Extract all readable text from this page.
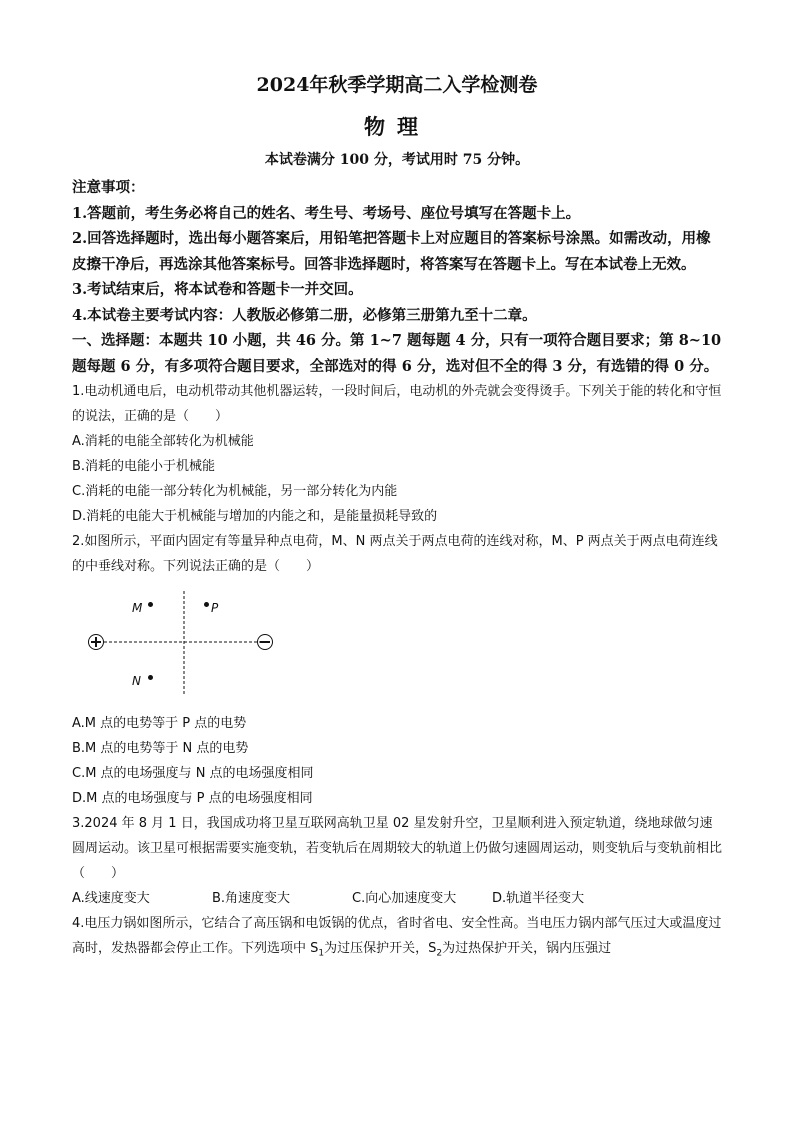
2024年秋季学期高二入学检测卷
物理
本试卷满分 100 分，考试用时 75 分钟。
注意事项：
1.答题前，考生务必将自己的姓名、考生号、考场号、座位号填写在答题卡上。
2.回答选择题时，选出每小题答案后，用铅笔把答题卡上对应题目的答案标号涂黑。如需改动，用橡皮擦干净后，再选涂其他答案标号。回答非选择题时，将答案写在答题卡上。写在本试卷上无效。
3.考试结束后，将本试卷和答题卡一并交回。
4.本试卷主要考试内容：人教版必修第二册，必修第三册第九至十二章。
一、选择题：本题共 10 小题，共 46 分。第 1~7 题每题 4 分，只有一项符合题目要求；第 8~10 题每题 6 分，有多项符合题目要求，全部选对的得 6 分，选对但不全的得 3 分，有选错的得 0 分。
1.电动机通电后，电动机带动其他机器运转，一段时间后，电动机的外壳就会变得烫手。下列关于能的转化和守恒的说法，正确的是（　　）
A.消耗的电能全部转化为机械能
B.消耗的电能小于机械能
C.消耗的电能一部分转化为机械能，另一部分转化为内能
D.消耗的电能大于机械能与增加的内能之和，是能量损耗导致的
2.如图所示，平面内固定有等量异种点电荷，M、N 两点关于两点电荷的连线对称，M、P 两点关于两点电荷连线的中垂线对称。下列说法正确的是（　　）
M	P
N
A.M 点的电势等于 P 点的电势
B.M 点的电势等于 N 点的电势
C.M 点的电场强度与 N 点的电场强度相同
D.M 点的电场强度与 P 点的电场强度相同
3.2024 年 8 月 1 日，我国成功将卫星互联网高轨卫星 02 星发射升空，卫星顺利进入预定轨道，绕地球做匀速圆周运动。该卫星可根据需要实施变轨，若变轨后在周期较大的轨道上仍做匀速圆周运动，则变轨后与变轨前相比（　　）
A.线速度变大	B.角速度变大	C.向心加速度变大	D.轨道半径变大
4.电压力锅如图所示，它结合了高压锅和电饭锅的优点，省时省电、安全性高。当电压力锅内部气压过大或温度过高时，发热器都会停止工作。下列选项中 $S_1$为过压保护开关，$S_2$为过热保护开关，锅内压强过
